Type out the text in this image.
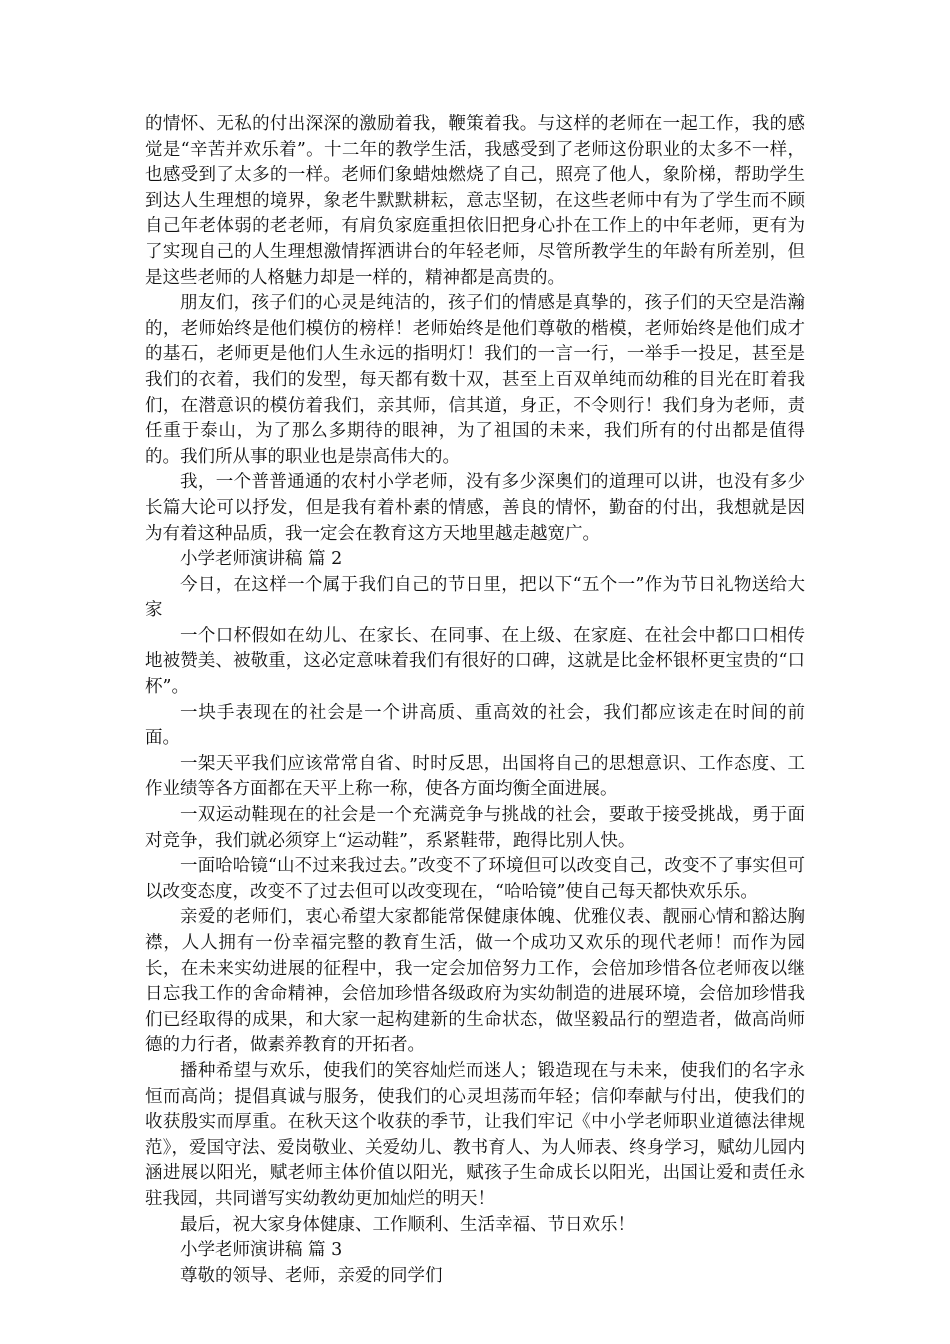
的情怀、无私的付出深深的激励着我，鞭策着我。与这样的老师在一起工作，我的感觉是“辛苦并欢乐着”。十二年的教学生活，我感受到了老师这份职业的太多不一样，也感受到了太多的一样。老师们象蜡烛燃烧了自己，照亮了他人，象阶梯，帮助学生到达人生理想的境界，象老牛默默耕耘，意志坚韧，在这些老师中有为了学生而不顾自己年老体弱的老老师，有肩负家庭重担依旧把身心扑在工作上的中年老师，更有为了实现自己的人生理想激情挥洒讲台的年轻老师，尽管所教学生的年龄有所差别，但是这些老师的人格魅力却是一样的，精神都是高贵的。

朋友们，孩子们的心灵是纯洁的，孩子们的情感是真挚的，孩子们的天空是浩瀚的，老师始终是他们模仿的榜样！老师始终是他们尊敬的楷模，老师始终是他们成才的基石，老师更是他们人生永远的指明灯！我们的一言一行，一举手一投足，甚至是我们的衣着，我们的发型，每天都有数十双，甚至上百双单纯而幼稚的目光在盯着我们，在潜意识的模仿着我们，亲其师，信其道，身正，不令则行！我们身为老师，责任重于泰山，为了那么多期待的眼神，为了祖国的未来，我们所有的付出都是值得的。我们所从事的职业也是崇高伟大的。

我，一个普普通通的农村小学老师，没有多少深奥们的道理可以讲，也没有多少长篇大论可以抒发，但是我有着朴素的情感，善良的情怀，勤奋的付出，我想就是因为有着这种品质，我一定会在教育这方天地里越走越宽广。

小学老师演讲稿 篇 2

今日，在这样一个属于我们自己的节日里，把以下“五个一”作为节日礼物送给大家

一个口杯假如在幼儿、在家长、在同事、在上级、在家庭、在社会中都口口相传地被赞美、被敬重，这必定意味着我们有很好的口碑，这就是比金杯银杯更宝贵的“口杯”。

一块手表现在的社会是一个讲高质、重高效的社会，我们都应该走在时间的前面。

一架天平我们应该常常自省、时时反思，出国将自己的思想意识、工作态度、工作业绩等各方面都在天平上称一称，使各方面均衡全面进展。

一双运动鞋现在的社会是一个充满竞争与挑战的社会，要敢于接受挑战，勇于面对竞争，我们就必须穿上“运动鞋”，系紧鞋带，跑得比别人快。

一面哈哈镜“山不过来我过去。”改变不了环境但可以改变自己，改变不了事实但可以改变态度，改变不了过去但可以改变现在，“哈哈镜”使自己每天都快欢乐乐。

亲爱的老师们，衷心希望大家都能常保健康体魄、优雅仪表、靓丽心情和豁达胸襟，人人拥有一份幸福完整的教育生活，做一个成功又欢乐的现代老师！而作为园长，在未来实幼进展的征程中，我一定会加倍努力工作，会倍加珍惜各位老师夜以继日忘我工作的舍命精神，会倍加珍惜各级政府为实幼制造的进展环境，会倍加珍惜我们已经取得的成果，和大家一起构建新的生命状态，做坚毅品行的塑造者，做高尚师德的力行者，做素养教育的开拓者。

播种希望与欢乐，使我们的笑容灿烂而迷人；锻造现在与未来，使我们的名字永恒而高尚；提倡真诚与服务，使我们的心灵坦荡而年轻；信仰奉献与付出，使我们的收获殷实而厚重。在秋天这个收获的季节，让我们牢记《中小学老师职业道德法律规范》，爱国守法、爱岗敬业、关爱幼儿、教书育人、为人师表、终身学习，赋幼儿园内涵进展以阳光，赋老师主体价值以阳光，赋孩子生命成长以阳光，出国让爱和责任永驻我园，共同谱写实幼教幼更加灿烂的明天！

最后，祝大家身体健康、工作顺利、生活幸福、节日欢乐！

小学老师演讲稿 篇 3

尊敬的领导、老师，亲爱的同学们
